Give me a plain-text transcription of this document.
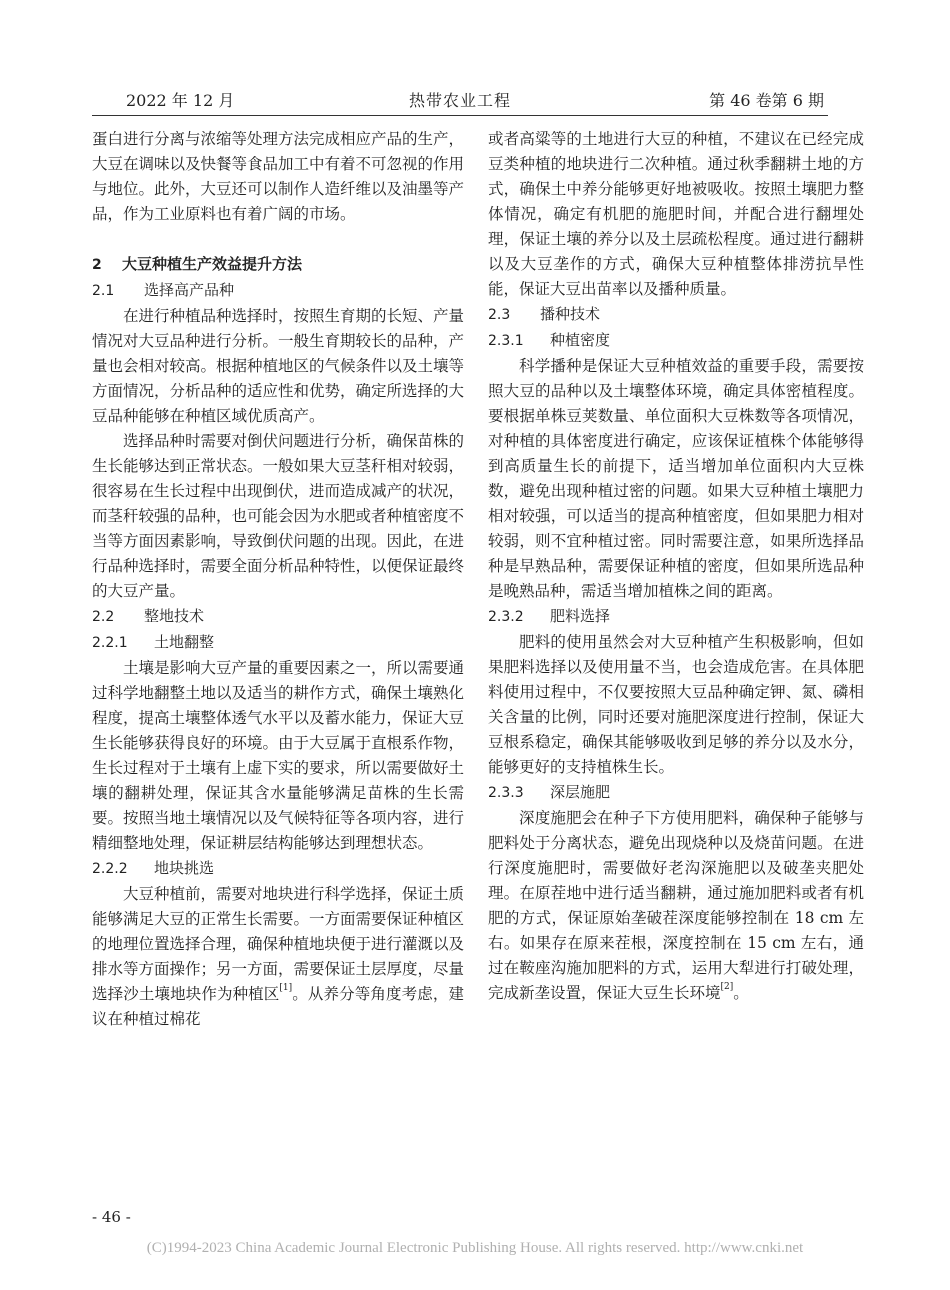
2022 年 12 月	热带农业工程	第 46 卷第 6 期

蛋白进行分离与浓缩等处理方法完成相应产品的生产，大豆在调味以及快餐等食品加工中有着不可忽视的作用与地位。此外，大豆还可以制作人造纤维以及油墨等产品，作为工业原料也有着广阔的市场。

2 大豆种植生产效益提升方法
2.1 选择高产品种

在进行种植品种选择时，按照生育期的长短、产量情况对大豆品种进行分析。一般生育期较长的品种，产量也会相对较高。根据种植地区的气候条件以及土壤等方面情况，分析品种的适应性和优势，确定所选择的大豆品种能够在种植区域优质高产。

选择品种时需要对倒伏问题进行分析，确保苗株的生长能够达到正常状态。一般如果大豆茎秆相对较弱，很容易在生长过程中出现倒伏，进而造成减产的状况，而茎秆较强的品种，也可能会因为水肥或者种植密度不当等方面因素影响，导致倒伏问题的出现。因此，在进行品种选择时，需要全面分析品种特性，以便保证最终的大豆产量。

2.2 整地技术
2.2.1 土地翻整

土壤是影响大豆产量的重要因素之一，所以需要通过科学地翻整土地以及适当的耕作方式，确保土壤熟化程度，提高土壤整体透气水平以及蓄水能力，保证大豆生长能够获得良好的环境。由于大豆属于直根系作物，生长过程对于土壤有上虚下实的要求，所以需要做好土壤的翻耕处理，保证其含水量能够满足苗株的生长需要。按照当地土壤情况以及气候特征等各项内容，进行精细整地处理，保证耕层结构能够达到理想状态。

2.2.2 地块挑选

大豆种植前，需要对地块进行科学选择，保证土质能够满足大豆的正常生长需要。一方面需要保证种植区的地理位置选择合理，确保种植地块便于进行灌溉以及排水等方面操作；另一方面，需要保证土层厚度，尽量选择沙土壤地块作为种植区[1]。从养分等角度考虑，建议在种植过棉花

或者高粱等的土地进行大豆的种植，不建议在已经完成豆类种植的地块进行二次种植。通过秋季翻耕土地的方式，确保土中养分能够更好地被吸收。按照土壤肥力整体情况，确定有机肥的施肥时间，并配合进行翻埋处理，保证土壤的养分以及土层疏松程度。通过进行翻耕以及大豆垄作的方式，确保大豆种植整体排涝抗旱性能，保证大豆出苗率以及播种质量。

2.3 播种技术
2.3.1 种植密度

科学播种是保证大豆种植效益的重要手段，需要按照大豆的品种以及土壤整体环境，确定具体密植程度。要根据单株豆荚数量、单位面积大豆株数等各项情况，对种植的具体密度进行确定，应该保证植株个体能够得到高质量生长的前提下，适当增加单位面积内大豆株数，避免出现种植过密的问题。如果大豆种植土壤肥力相对较强，可以适当的提高种植密度，但如果肥力相对较弱，则不宜种植过密。同时需要注意，如果所选择品种是早熟品种，需要保证种植的密度，但如果所选品种是晚熟品种，需适当增加植株之间的距离。

2.3.2 肥料选择

肥料的使用虽然会对大豆种植产生积极影响，但如果肥料选择以及使用量不当，也会造成危害。在具体肥料使用过程中，不仅要按照大豆品种确定钾、氮、磷相关含量的比例，同时还要对施肥深度进行控制，保证大豆根系稳定，确保其能够吸收到足够的养分以及水分，能够更好的支持植株生长。

2.3.3 深层施肥

深度施肥会在种子下方使用肥料，确保种子能够与肥料处于分离状态，避免出现烧种以及烧苗问题。在进行深度施肥时，需要做好老沟深施肥以及破垄夹肥处理。在原茬地中进行适当翻耕，通过施加肥料或者有机肥的方式，保证原始垄破茬深度能够控制在 18 cm 左右。如果存在原来茬根，深度控制在 15 cm 左右，通过在鞍座沟施加肥料的方式，运用大犁进行打破处理，完成新垄设置，保证大豆生长环境[2]。

- 46 -
(C)1994-2023 China Academic Journal Electronic Publishing House. All rights reserved. http://www.cnki.net
